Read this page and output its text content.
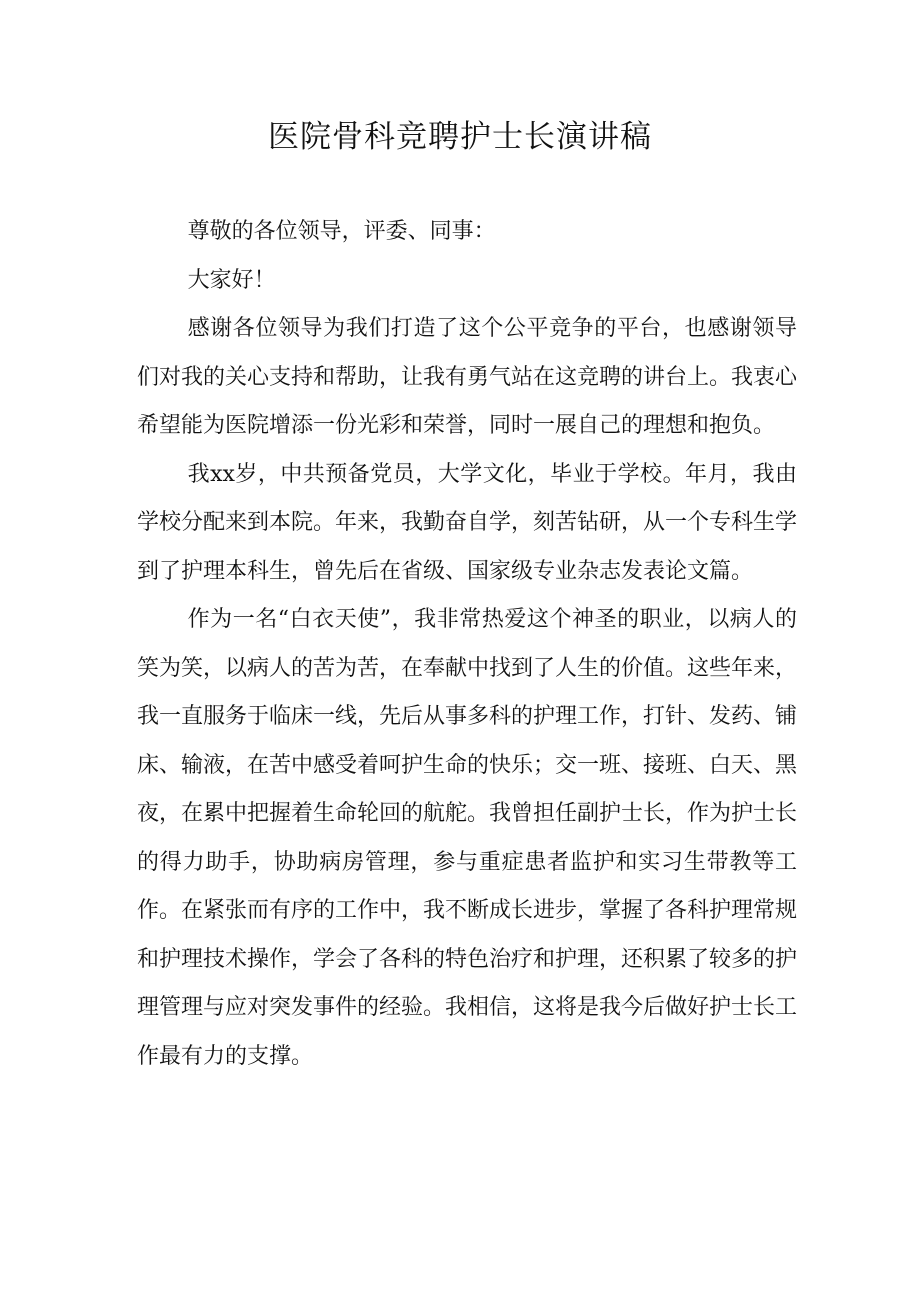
医院骨科竞聘护士长演讲稿

尊敬的各位领导，评委、同事：

大家好！

感谢各位领导为我们打造了这个公平竞争的平台，也感谢领导们对我的关心支持和帮助，让我有勇气站在这竞聘的讲台上。我衷心希望能为医院增添一份光彩和荣誉，同时一展自己的理想和抱负。

我xx岁，中共预备党员，大学文化，毕业于学校。年月，我由学校分配来到本院。年来，我勤奋自学，刻苦钻研，从一个专科生学到了护理本科生，曾先后在省级、国家级专业杂志发表论文篇。

作为一名“白衣天使”，我非常热爱这个神圣的职业，以病人的笑为笑，以病人的苦为苦，在奉献中找到了人生的价值。这些年来，我一直服务于临床一线，先后从事多科的护理工作，打针、发药、铺床、输液，在苦中感受着呵护生命的快乐；交一班、接班、白天、黑夜，在累中把握着生命轮回的航舵。我曾担任副护士长，作为护士长的得力助手，协助病房管理，参与重症患者监护和实习生带教等工作。在紧张而有序的工作中，我不断成长进步，掌握了各科护理常规和护理技术操作，学会了各科的特色治疗和护理，还积累了较多的护理管理与应对突发事件的经验。我相信，这将是我今后做好护士长工作最有力的支撑。
